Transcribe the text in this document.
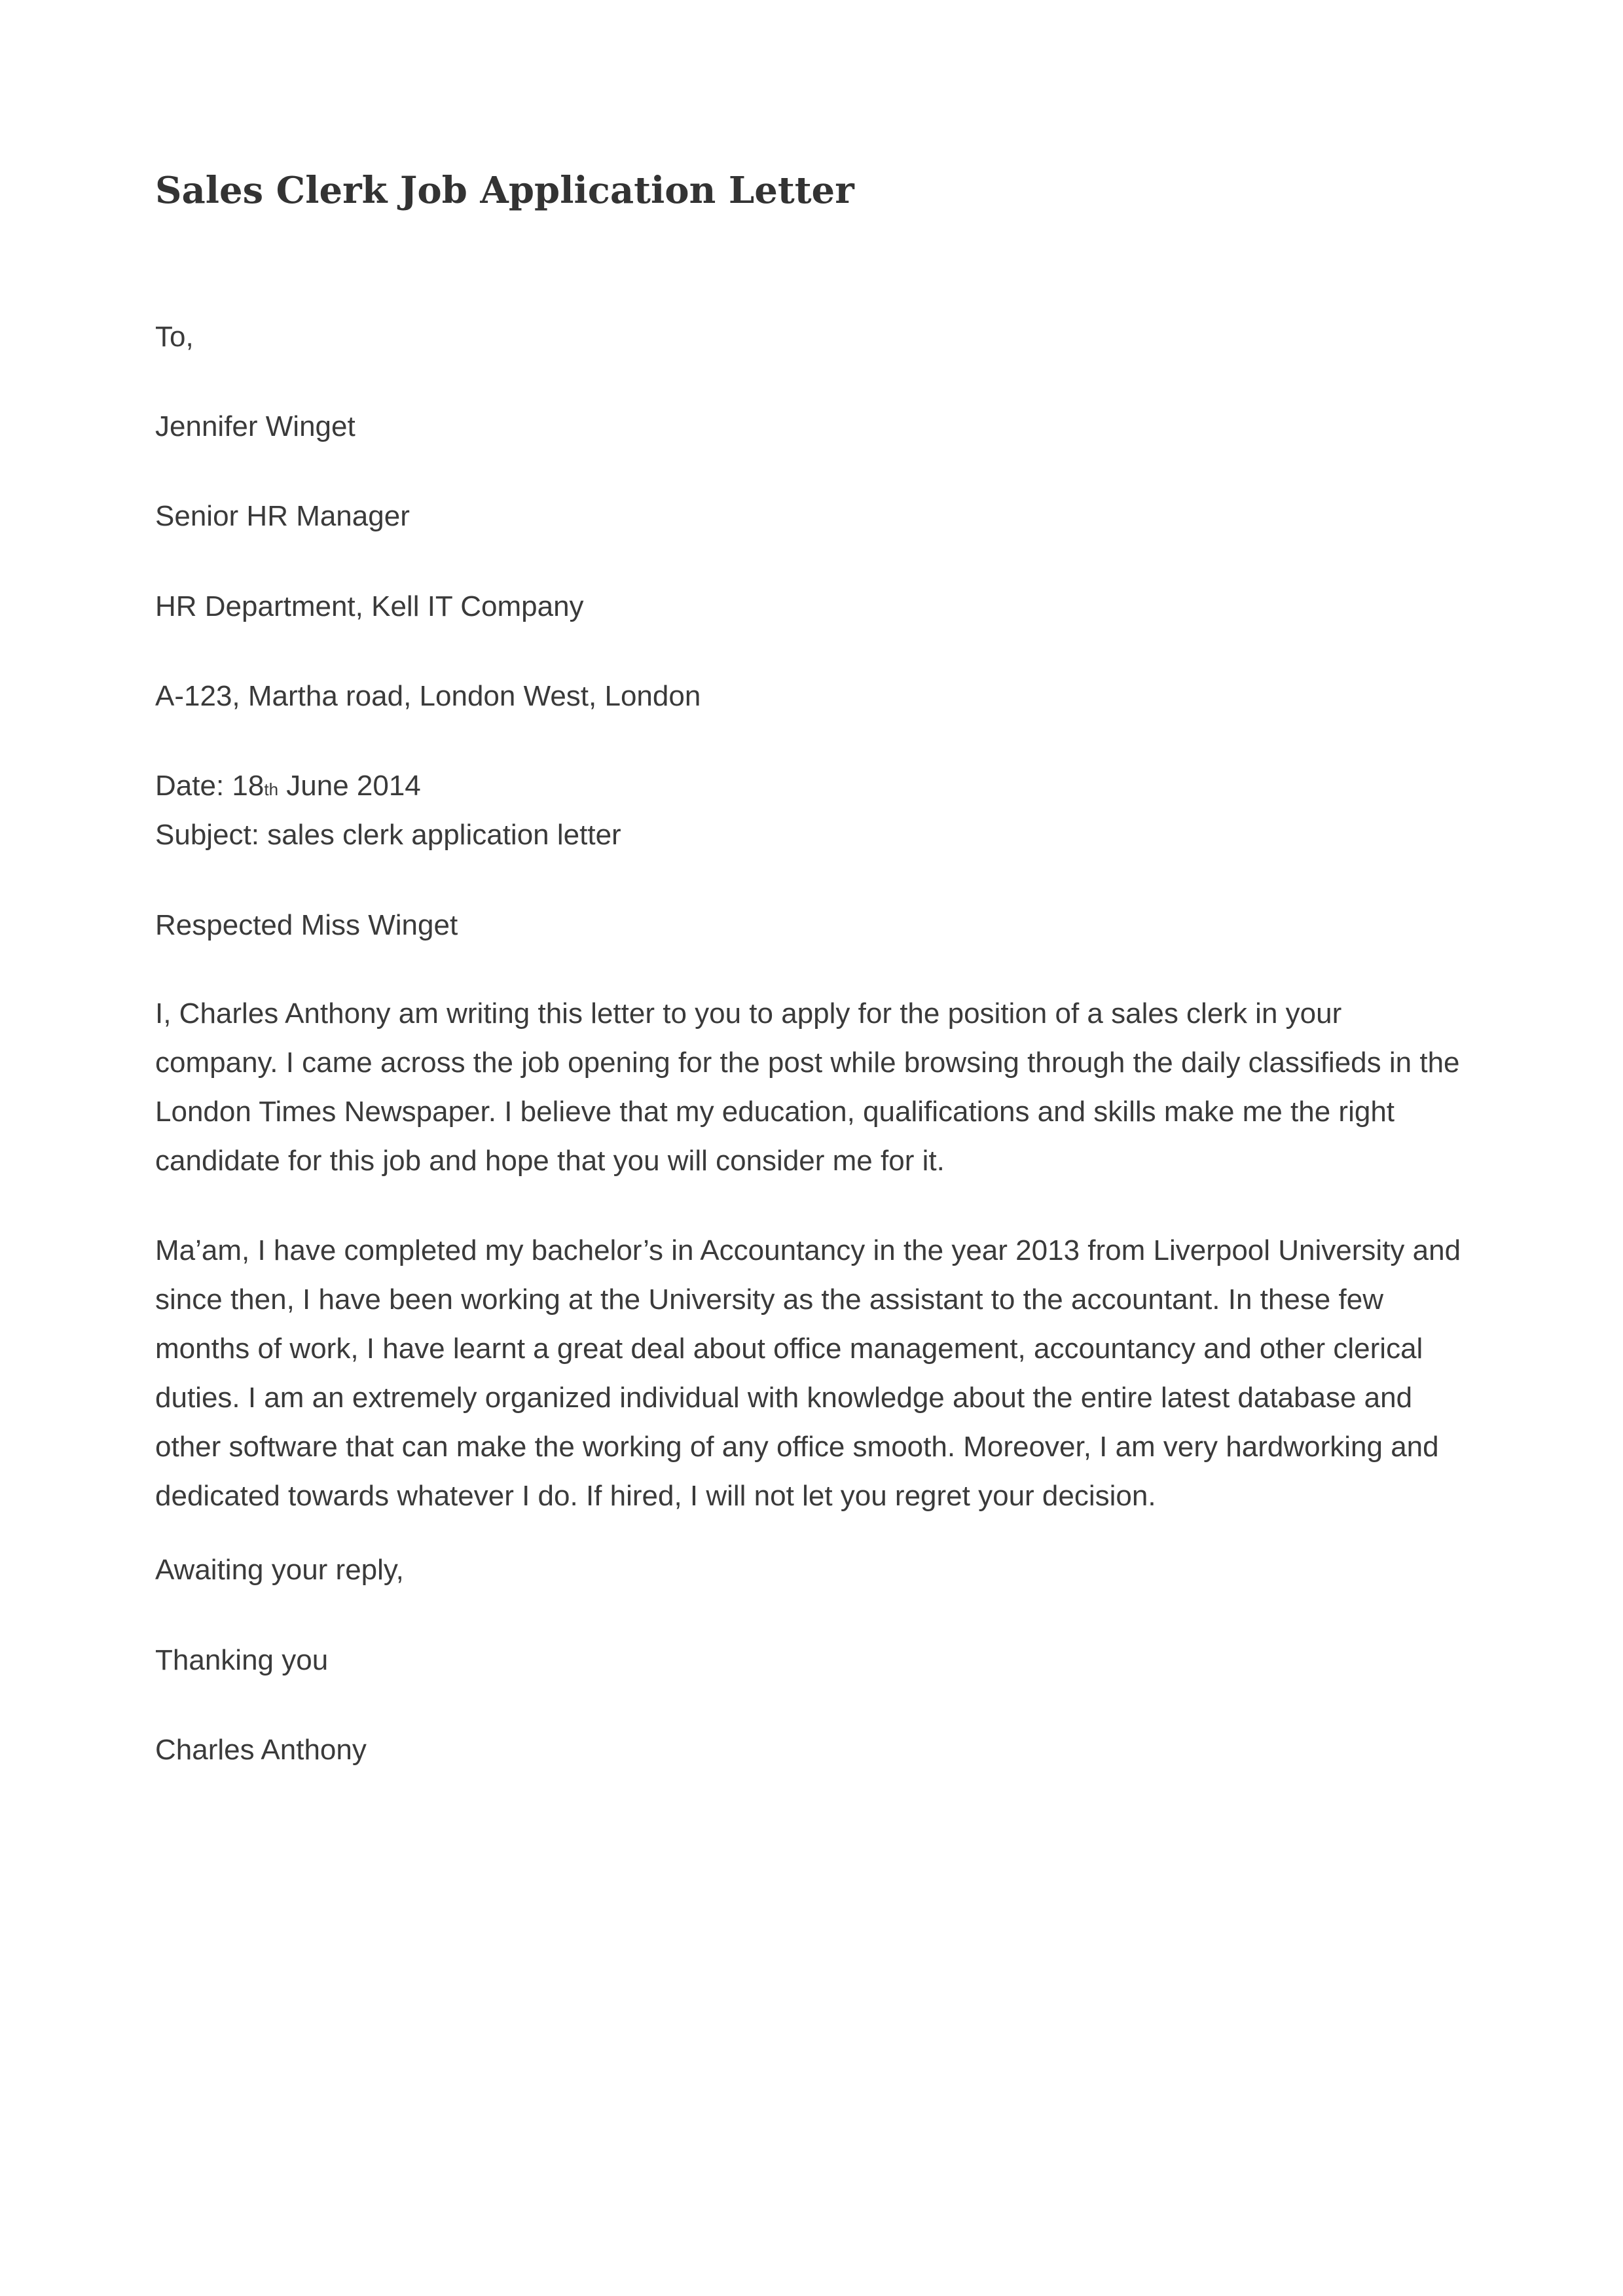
Sales Clerk Job Application Letter

To,

Jennifer Winget

Senior HR Manager

HR Department, Kell IT Company

A-123, Martha road, London West, London

Date: 18th June 2014

Subject: sales clerk application letter

Respected Miss Winget

I, Charles Anthony am writing this letter to you to apply for the position of a sales clerk in your
company. I came across the job opening for the post while browsing through the daily classifieds in the
London Times Newspaper. I believe that my education, qualifications and skills make me the right
candidate for this job and hope that you will consider me for it.
Ma’am, I have completed my bachelor’s in Accountancy in the year 2013 from Liverpool University and
since then, I have been working at the University as the assistant to the accountant. In these few
months of work, I have learnt a great deal about office management, accountancy and other clerical
duties. I am an extremely organized individual with knowledge about the entire latest database and
other software that can make the working of any office smooth. Moreover, I am very hardworking and
dedicated towards whatever I do. If hired, I will not let you regret your decision.

Awaiting your reply,

Thanking you

Charles Anthony
